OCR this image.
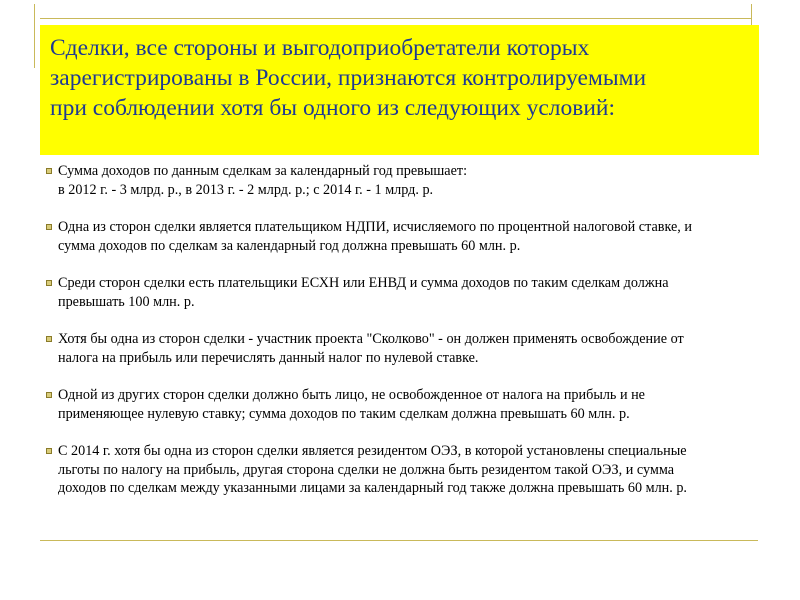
Сделки, все стороны и выгодоприобретатели которых
зарегистрированы в России, признаются контролируемыми
при соблюдении хотя бы одного из следующих условий:
Сумма доходов по данным сделкам за календарный год превышает:
в 2012 г. - 3 млрд. р., в 2013 г. - 2 млрд. р.; с 2014 г. - 1 млрд. р.
Одна из сторон сделки является плательщиком НДПИ, исчисляемого по процентной налоговой ставке, и
сумма доходов по сделкам за календарный год должна превышать 60 млн. р.
Среди сторон сделки есть плательщики ЕСХН или ЕНВД и сумма доходов по таким сделкам должна
превышать 100 млн. р.
Хотя бы одна из сторон сделки - участник проекта "Сколково" - он должен применять освобождение от
налога на прибыль или перечислять данный налог по нулевой ставке.
Одной из других сторон сделки должно быть лицо, не освобожденное от налога на прибыль и не
применяющее нулевую ставку; сумма доходов по таким сделкам должна превышать 60 млн. р.
С 2014 г. хотя бы одна из сторон сделки является резидентом ОЭЗ, в которой установлены специальные
льготы по налогу на прибыль, другая сторона сделки не должна быть резидентом такой ОЭЗ, и сумма
доходов по сделкам между указанными лицами за календарный год также должна превышать 60 млн. р.
